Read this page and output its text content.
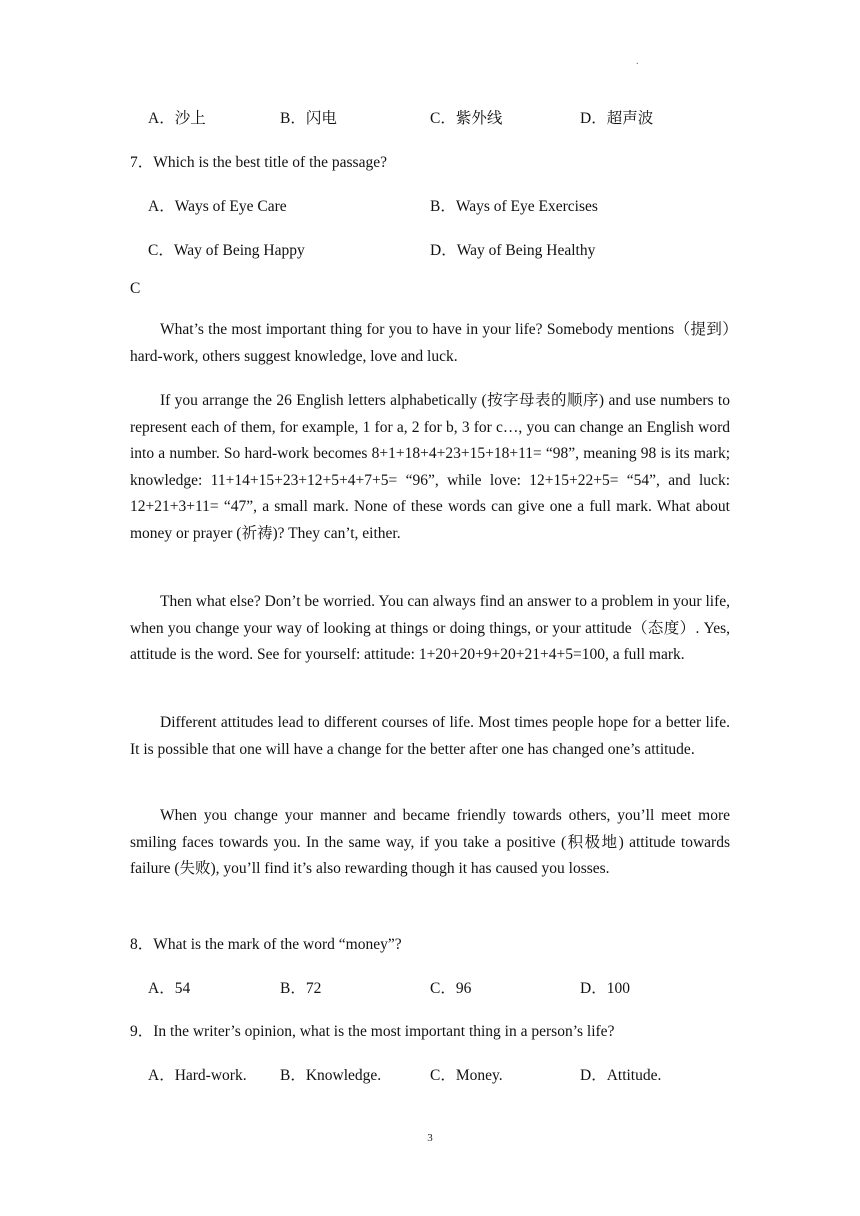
.
A．沙上	B．闪电	C．紫外线	D．超声波
7．Which is the best title of the passage?
A．Ways of Eye Care	B．Ways of Eye Exercises
C．Way of Being Happy	D．Way of Being Healthy
C
What’s the most important thing for you to have in your life? Somebody mentions（提到）hard-work, others suggest knowledge, love and luck.
If you arrange the 26 English letters alphabetically (按字母表的顺序) and use numbers to represent each of them, for example, 1 for a, 2 for b, 3 for c…, you can change an English word into a number. So hard-work becomes 8+1+18+4+23+15+18+11= “98”, meaning 98 is its mark; knowledge: 11+14+15+23+12+5+4+7+5= “96”, while love: 12+15+22+5= “54”, and luck: 12+21+3+11= “47”, a small mark. None of these words can give one a full mark. What about money or prayer (祈祷)? They can’t, either.
Then what else? Don’t be worried. You can always find an answer to a problem in your life, when you change your way of looking at things or doing things, or your attitude（态度）. Yes, attitude is the word. See for yourself: attitude: 1+20+20+9+20+21+4+5=100, a full mark.
Different attitudes lead to different courses of life. Most times people hope for a better life. It is possible that one will have a change for the better after one has changed one’s attitude.
When you change your manner and became friendly towards others, you’ll meet more smiling faces towards you. In the same way, if you take a positive (积极地) attitude towards failure (失败), you’ll find it’s also rewarding though it has caused you losses.
8．What is the mark of the word “money”?
A．54	B．72	C．96	D．100
9．In the writer’s opinion, what is the most important thing in a person’s life?
A．Hard-work. B．Knowledge.	C．Money.	D．Attitude.
3
